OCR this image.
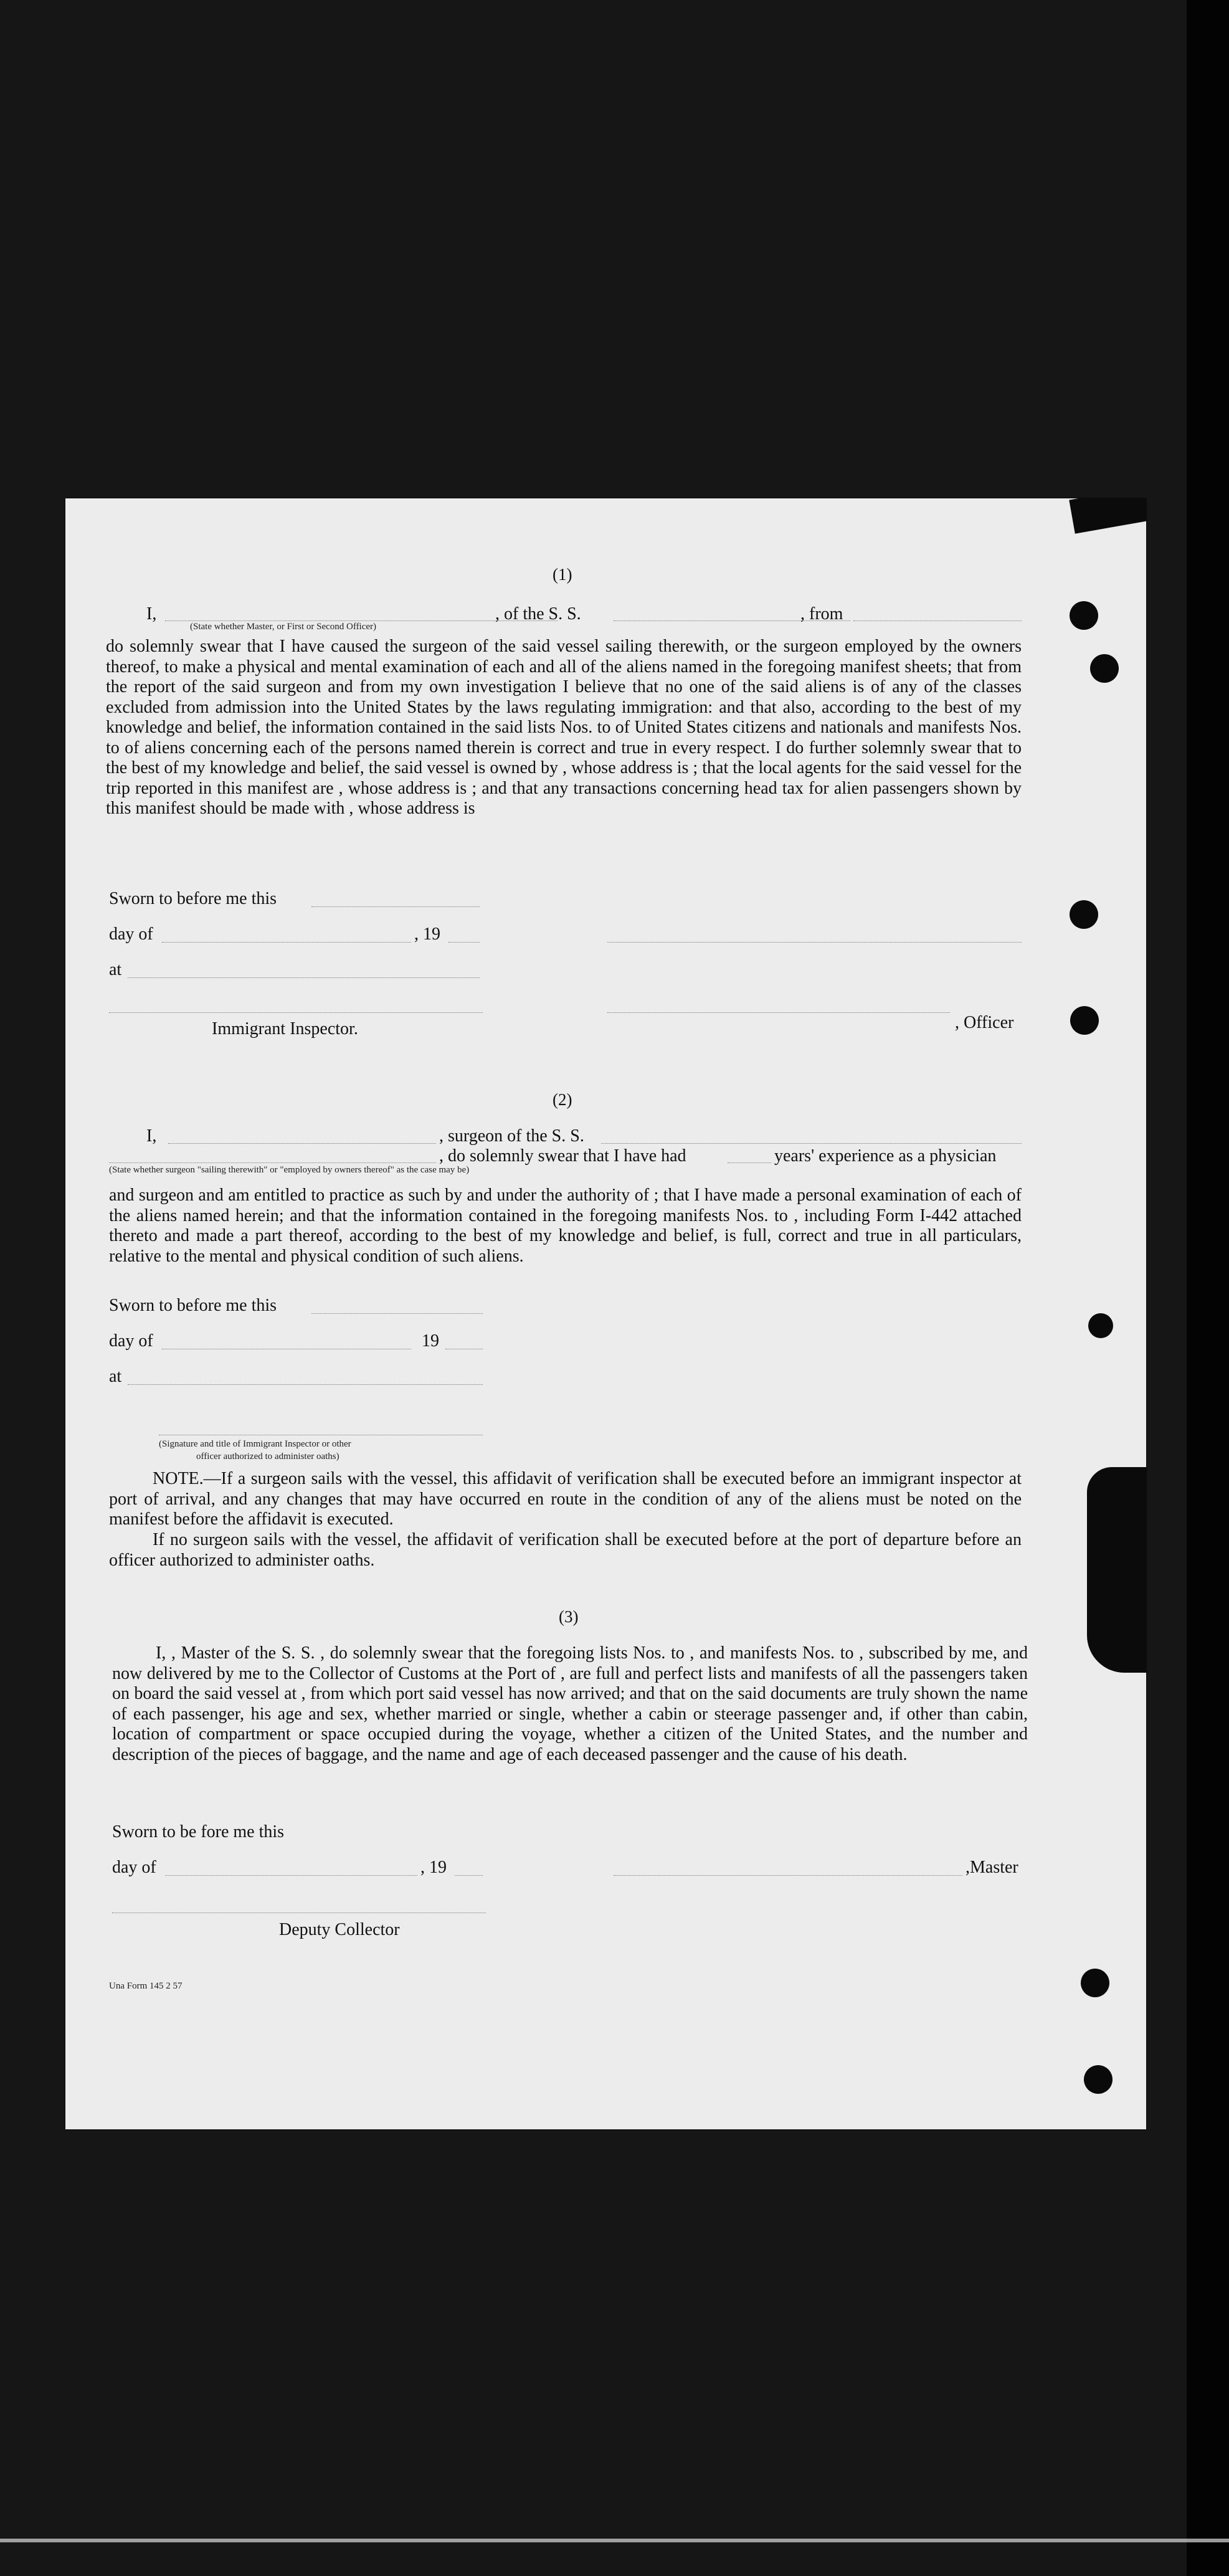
(1)
I,	, of the S. S.	, from
(State whether Master, or First or Second Officer)
do solemnly swear that I have caused the surgeon of the said vessel sailing therewith, or the surgeon employed by the owners thereof, to make a physical and mental examination of each and all of the aliens named in the foregoing manifest sheets; that from the report of the said surgeon and from my own investigation I believe that no one of the said aliens is of any of the classes excluded from admission into the United States by the laws regulating immigration: and that also, according to the best of my knowledge and belief, the information contained in the said lists Nos. to of United States citizens and nationals and manifests Nos. to of aliens concerning each of the persons named therein is correct and true in every respect. I do further solemnly swear that to the best of my knowledge and belief, the said vessel is owned by , whose address is ; that the local agents for the said vessel for the trip reported in this manifest are , whose address is ; and that any transactions concerning head tax for alien passengers shown by this manifest should be made with , whose address is
Sworn to before me this
day of	, 19
at
Immigrant Inspector.	, Officer
(2)
I,	, surgeon of the S. S.
, do solemnly swear that I have had	years' experience as a physician
(State whether surgeon "sailing therewith" or "employed by owners thereof" as the case may be)
and surgeon and am entitled to practice as such by and under the authority of ; that I have made a personal examination of each of the aliens named herein; and that the information contained in the foregoing manifests Nos. to , including Form I-442 attached thereto and made a part thereof, according to the best of my knowledge and belief, is full, correct and true in all particulars, relative to the mental and physical condition of such aliens.
Sworn to before me this
day of	19
at
(Signature and title of Immigrant Inspector or other
officer authorized to administer oaths)
NOTE.—If a surgeon sails with the vessel, this affidavit of verification shall be executed before an immigrant inspector at port of arrival, and any changes that may have occurred en route in the condition of any of the aliens must be noted on the manifest before the affidavit is executed.
If no surgeon sails with the vessel, the affidavit of verification shall be executed before at the port of departure before an officer authorized to administer oaths.
(3)
I, , Master of the S. S. , do solemnly swear that the foregoing lists Nos. to , and manifests Nos. to , subscribed by me, and now delivered by me to the Collector of Customs at the Port of , are full and perfect lists and manifests of all the passengers taken on board the said vessel at , from which port said vessel has now arrived; and that on the said documents are truly shown the name of each passenger, his age and sex, whether married or single, whether a cabin or steerage passenger and, if other than cabin, location of compartment or space occupied during the voyage, whether a citizen of the United States, and the number and description of the pieces of baggage, and the name and age of each deceased passenger and the cause of his death.
Sworn to be fore me this
day of	, 19	,Master
Deputy Collector
Una Form 145 2 57
